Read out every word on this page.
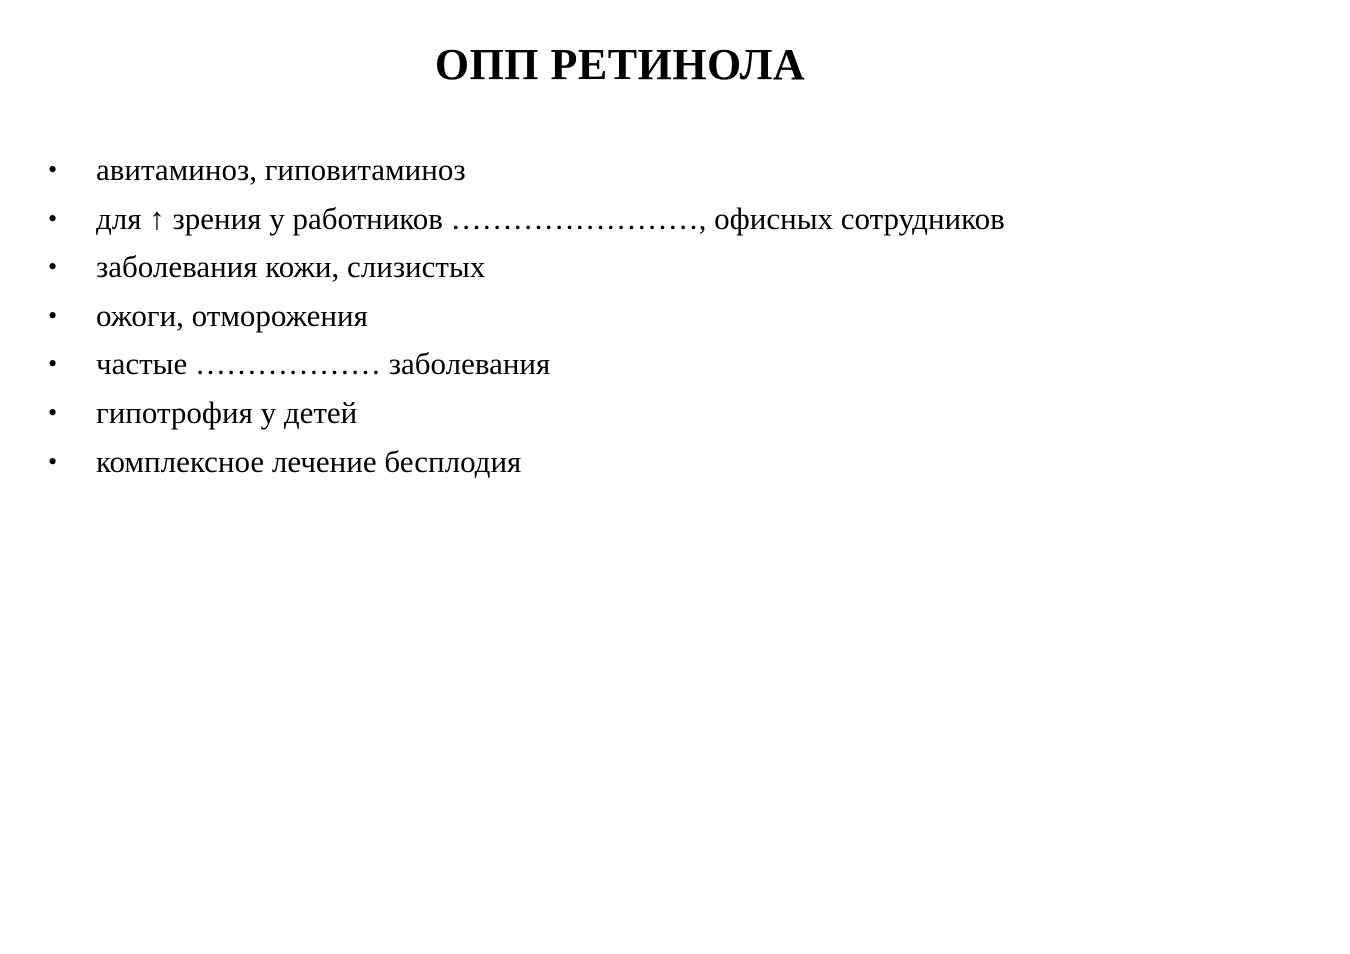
ОПП РЕТИНОЛА
•	авитаминоз, гиповитаминоз
•	для ↑ зрения у работников ……………………, офисных сотрудников
•	заболевания кожи, слизистых
•	ожоги, отморожения
•	частые ……………… заболевания
•	гипотрофия у детей
•	комплексное лечение бесплодия
